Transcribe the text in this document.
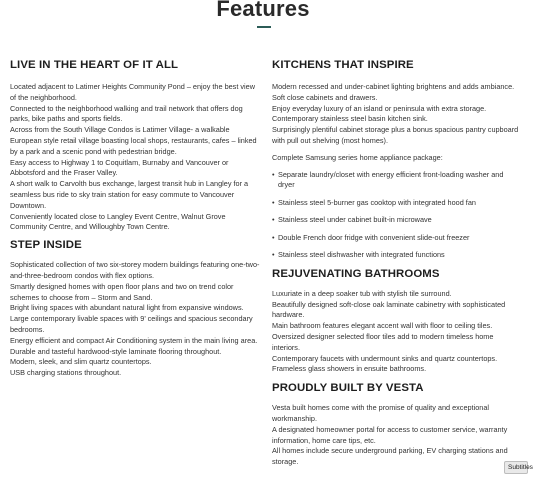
Features
LIVE IN THE HEART OF IT ALL

Located adjacent to Latimer Heights Community Pond – enjoy the best view of the neighborhood.

Connected to the neighborhood walking and trail network that offers dog parks, bike paths and sports fields.

Across from the South Village Condos is Latimer Village- a walkable European style retail village boasting local shops, restaurants, cafes – linked by a park and a scenic pond with pedestrian bridge.

Easy access to Highway 1 to Coquitlam, Burnaby and Vancouver or Abbotsford and the Fraser Valley.

A short walk to Carvolth bus exchange, largest transit hub in Langley for a seamless bus ride to sky train station for easy commute to Vancouver Downtown.

Conveniently located close to Langley Event Centre, Walnut Grove Community Centre, and Willoughby Town Centre.

STEP INSIDE

Sophisticated collection of two six-storey modern buildings featuring one-two-and-three-bedroom condos with flex options.

Smartly designed homes with open floor plans and two on trend color schemes to choose from – Storm and Sand.

Bright living spaces with abundant natural light from expansive windows.

Large contemporary livable spaces with 9’ ceilings and spacious secondary bedrooms.

Energy efficient and compact Air Conditioning system in the main living area.

Durable and tasteful hardwood-style laminate flooring throughout.

Modern, sleek, and slim quartz countertops.

USB charging stations throughout.

KITCHENS THAT INSPIRE

Modern recessed and under-cabinet lighting brightens and adds ambiance.

Soft close cabinets and drawers.

Enjoy everyday luxury of an island or peninsula with extra storage.

Contemporary stainless steel basin kitchen sink.

Surprisingly plentiful cabinet storage plus a bonus spacious pantry cupboard with pull out shelving (most homes).

Complete Samsung series home appliance package:

• Separate laundry/closet with energy efficient front-loading washer and dryer
• Stainless steel 5-burner gas cooktop with integrated hood fan
• Stainless steel under cabinet built-in microwave
• Double French door fridge with convenient slide-out freezer
• Stainless steel dishwasher with integrated functions
REJUVENATING BATHROOMS

Luxuriate in a deep soaker tub with stylish tile surround.

Beautifully designed soft-close oak laminate cabinetry with sophisticated hardware.

Main bathroom features elegant accent wall with floor to ceiling tiles.

Oversized designer selected floor tiles add to modern timeless home interiors.

Contemporary faucets with undermount sinks and quartz countertops.

Frameless glass showers in ensuite bathrooms.

PROUDLY BUILT BY VESTA

Vesta built homes come with the promise of quality and exceptional workmanship.

A designated homeowner portal for access to customer service, warranty information, home care tips, etc.

All homes include secure underground parking, EV charging stations and storage.

Subtitles
